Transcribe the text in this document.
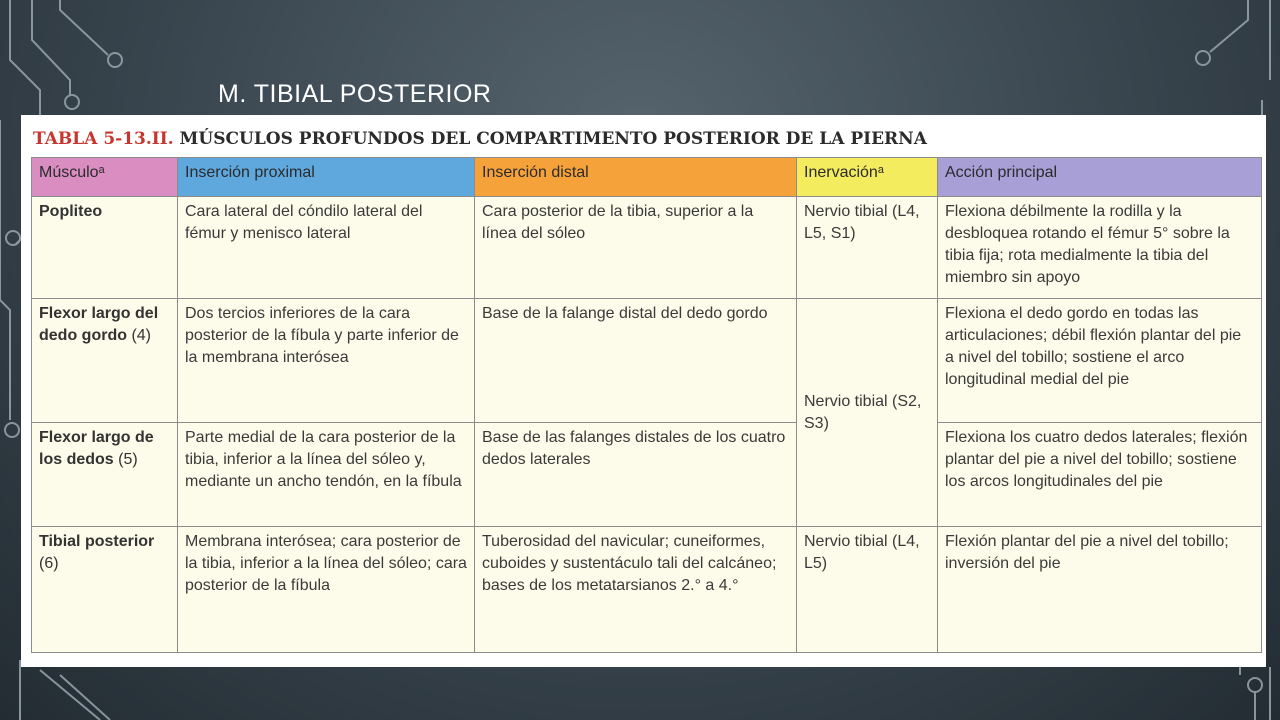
M. TIBIAL POSTERIOR
TABLA 5-13.II. MÚSCULOS PROFUNDOS DEL COMPARTIMENTO POSTERIOR DE LA PIERNA
Músculoᵃ	Inserción proximal	Inserción distal	Inervaciónᵃ	Acción principal
Popliteo	Cara lateral del cóndilo lateral del fémur y menisco lateral	Cara posterior de la tibia, superior a la línea del sóleo	Nervio tibial (L4, L5, S1)	Flexiona débilmente la rodilla y la desbloquea rotando el fémur 5° sobre la tibia fija; rota medialmente la tibia del miembro sin apoyo
Flexor largo del dedo gordo (4)	Dos tercios inferiores de la cara posterior de la fíbula y parte inferior de la membrana interósea	Base de la falange distal del dedo gordo	Nervio tibial (S2, S3)	Flexiona el dedo gordo en todas las articulaciones; débil flexión plantar del pie a nivel del tobillo; sostiene el arco longitudinal medial del pie
Flexor largo de los dedos (5)	Parte medial de la cara posterior de la tibia, inferior a la línea del sóleo y, mediante un ancho tendón, en la fíbula	Base de las falanges distales de los cuatro dedos laterales		Flexiona los cuatro dedos laterales; flexión plantar del pie a nivel del tobillo; sostiene los arcos longitudinales del pie
Tibial posterior (6)	Membrana interósea; cara posterior de la tibia, inferior a la línea del sóleo; cara posterior de la fíbula	Tuberosidad del navicular; cuneiformes, cuboides y sustentáculo tali del calcáneo; bases de los metatarsianos 2.° a 4.°	Nervio tibial (L4, L5)	Flexión plantar del pie a nivel del tobillo; inversión del pie
